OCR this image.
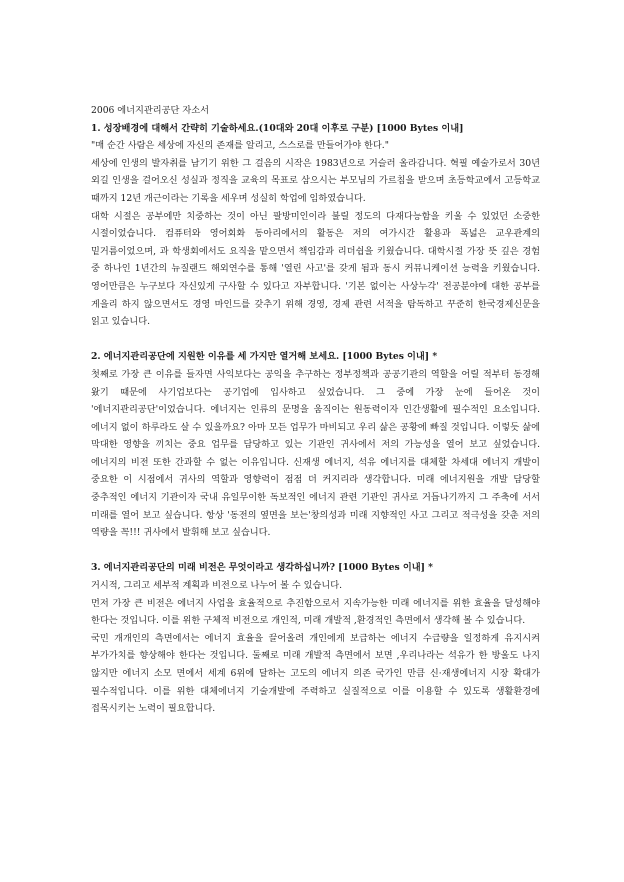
2006 에너지관리공단 자소서

1. 성장배경에 대해서 간략히 기술하세요.(10대와 20대 이후로 구분) [1000 Bytes 이내]

"매 순간 사람은 세상에 자신의 존재를 알리고, 스스로를 만들어가야 한다."

세상에 인생의 발자취를 남기기 위한 그 걸음의 시작은 1983년으로 거슬러 올라갑니다. 혁필 예술가로서 30년 외길 인생을 걸어오신 성실과 정직을 교육의 목표로 삼으시는 부모님의 가르침을 받으며 초등학교에서 고등학교 때까지 12년 개근이라는 기록을 세우며 성실히 학업에 임하였습니다.

대학 시절은 공부에만 치중하는 것이 아닌 팔방미인이라 불릴 정도의 다재다능함을 키울 수 있었던 소중한 시절이었습니다. 컴퓨터와 영어회화 동아리에서의 활동은 저의 여가시간 활용과 폭넓은 교우관계의 밑거름이었으며, 과 학생회에서도 요직을 맡으면서 책임감과 리더쉽을 키웠습니다. 대학시절 가장 뜻 깊은 경험 중 하나인 1년간의 뉴질랜드 해외연수를 통해 '열린 사고'를 갖게 됨과 동시 커뮤니케이션 능력을 키웠습니다. 영어만큼은 누구보다 자신있게 구사할 수 있다고 자부합니다. '기본 없이는 사상누각' 전공분야에 대한 공부를 게을리 하지 않으면서도 경영 마인드를 갖추기 위해 경영, 경제 관련 서적을 탐독하고 꾸준히 한국경제신문을 읽고 있습니다.

2. 에너지관리공단에 지원한 이유를 세 가지만 열거해 보세요. [1000 Bytes 이내] *

첫째로 가장 큰 이유를 들자면 사익보다는 공익을 추구하는 정부정책과 공공기관의 역할을 어릴 적부터 동경해 왔기 때문에 사기업보다는 공기업에 입사하고 싶었습니다. 그 중에 가장 눈에 들어온 것이 '에너지관리공단'이었습니다. 에너지는 인류의 문명을 움직이는 원동력이자 인간생활에 필수적인 요소입니다. 에너지 없이 하루라도 살 수 있을까요? 아마 모든 업무가 마비되고 우리 삶은 공황에 빠질 것입니다. 이렇듯 삶에 막대한 영향을 끼치는 중요 업무를 담당하고 있는 기관인 귀사에서 저의 가능성을 열어 보고 싶었습니다. 에너지의 비전 또한 간과할 수 없는 이유입니다. 신재생 에너지, 석유 에너지를 대체할 차세대 에너지 개발이 중요한 이 시점에서 귀사의 역할과 영향력이 점점 더 커지리라 생각합니다. 미래 에너지원을 개발 담당할 중추적인 에너지 기관이자 국내 유일무이한 독보적인 에너지 관련 기관인 귀사로 거듭나기까지 그 주축에 서서 미래를 열어 보고 싶습니다. 항상 '동전의 옆면을 보는'창의성과 미래 지향적인 사고 그리고 적극성을 갖춘 저의 역량을 꼭!!! 귀사에서 발휘해 보고 싶습니다.

3. 에너지관리공단의 미래 비전은 무엇이라고 생각하십니까? [1000 Bytes 이내] *

거시적, 그리고 세부적 계획과 비전으로 나누어 볼 수 있습니다.

먼저 가장 큰 비전은 에너지 사업을 효율적으로 추진함으로서 지속가능한 미래 에너지를 위한 효율을 달성해야 한다는 것입니다. 이를 위한 구체적 비전으로 개인적, 미래 개발적 ,환경적인 측면에서 생각해 볼 수 있습니다.

국민 개개인의 측면에서는 에너지 효율을 끌어올려 개인에게 보급하는 에너지 수급량을 일정하게 유지시켜 부가가치를 향상해야 한다는 것입니다. 둘째로 미래 개발적 측면에서 보면 ,우리나라는 석유가 한 방울도 나지 않지만 에너지 소모 면에서 세계 6위에 달하는 고도의 에너지 의존 국가인 만큼 신·재생에너지 시장 확대가 필수적입니다. 이를 위한 대체에너지 기술개발에 주력하고 실질적으로 이를 이용할 수 있도록 생활환경에 접목시키는 노력이 필요합니다.
